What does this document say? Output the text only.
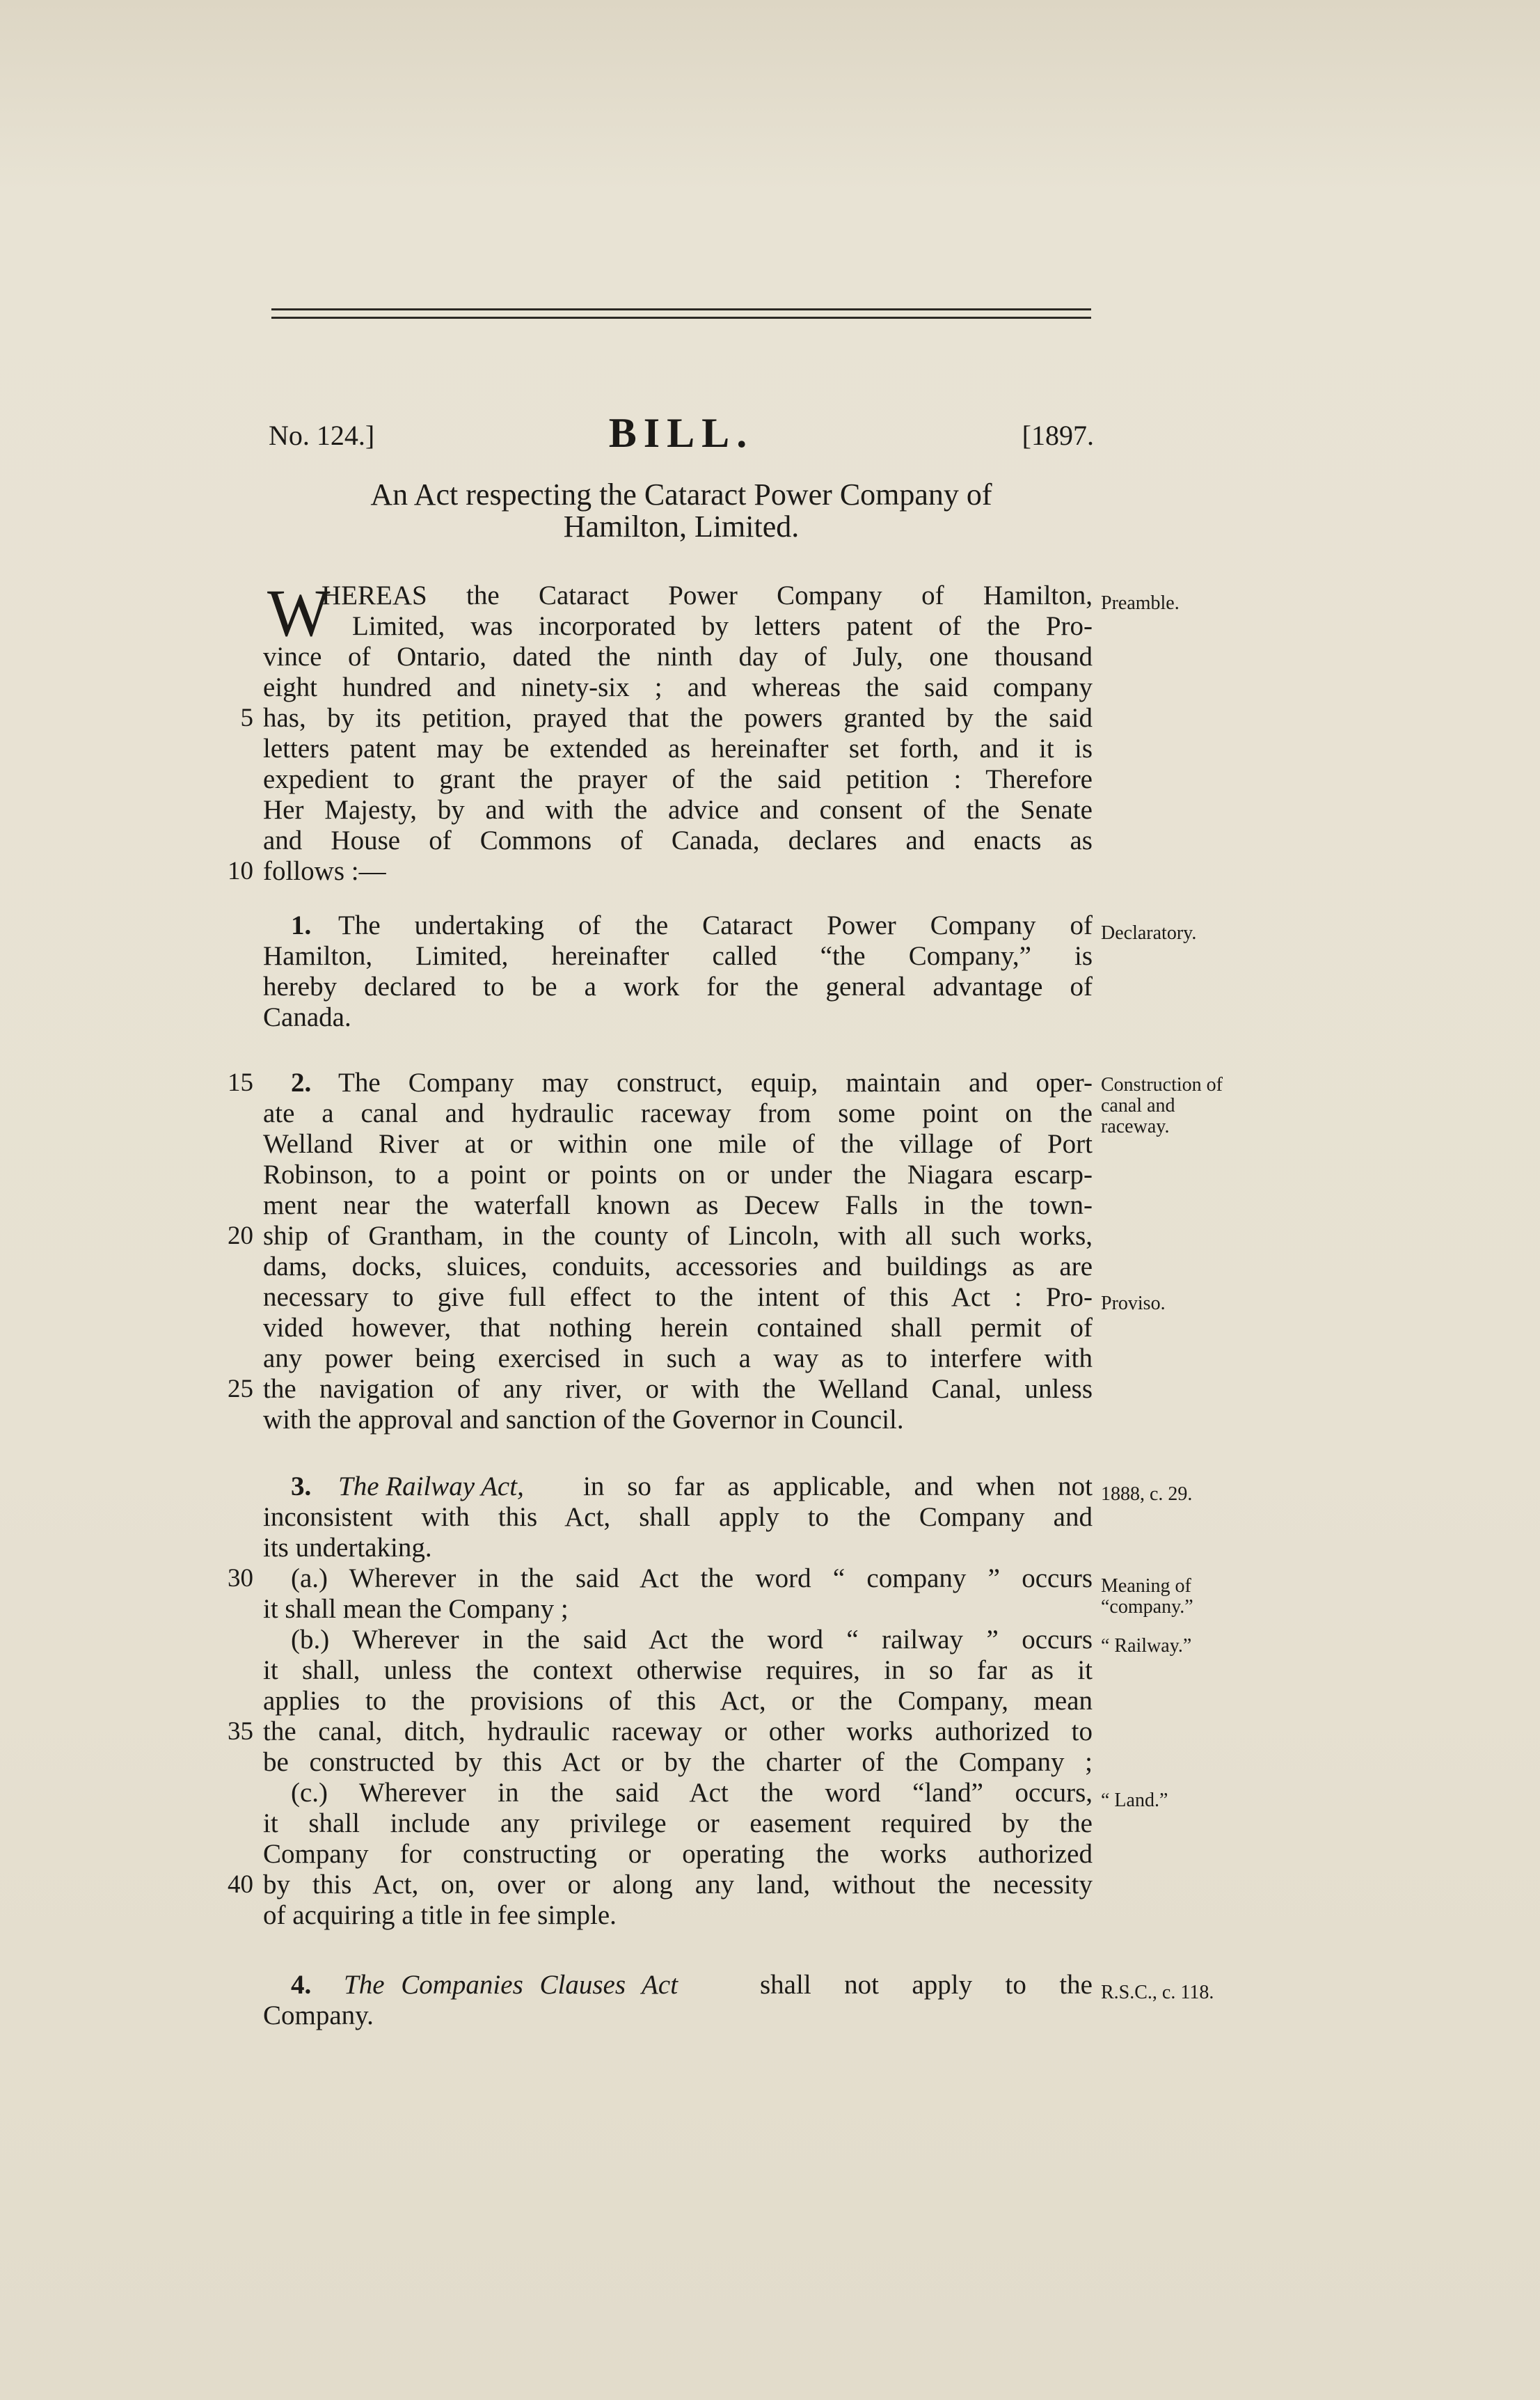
No. 124.]	BILL.	[1897.
An Act respecting the Cataract Power Company of
Hamilton, Limited.
W
HEREAS the Cataract Power Company of Hamilton,
Limited, was incorporated by letters patent of the Pro-
vince of Ontario, dated the ninth day of July, one thousand
eight hundred and ninety-six ; and whereas the said company
has, by its petition, prayed that the powers granted by the said
letters patent may be extended as hereinafter set forth, and it is
expedient to grant the prayer of the said petition : Therefore
Her Majesty, by and with the advice and consent of the Senate
and House of Commons of Canada, declares and enacts as
follows :—
1. The undertaking of the Cataract Power Company of
Hamilton, Limited, hereinafter called “the Company,” is
hereby declared to be a work for the general advantage of
Canada.
2. The Company may construct, equip, maintain and oper-
ate a canal and hydraulic raceway from some point on the
Welland River at or within one mile of the village of Port
Robinson, to a point or points on or under the Niagara escarp-
ment near the waterfall known as Decew Falls in the town-
ship of Grantham, in the county of Lincoln, with all such works,
dams, docks, sluices, conduits, accessories and buildings as are
necessary to give full effect to the intent of this Act : Pro-
vided however, that nothing herein contained shall permit of
any power being exercised in such a way as to interfere with
the navigation of any river, or with the Welland Canal, unless
with the approval and sanction of the Governor in Council.
3. The Railway Act,	in so far as applicable, and when not
inconsistent with this Act, shall apply to the Company and
its undertaking.
(a.) Wherever in the said Act the word “ company ” occurs
it shall mean the Company ;
(b.) Wherever in the said Act the word “ railway ” occurs
it shall, unless the context otherwise requires, in so far as it
applies to the provisions of this Act, or the Company, mean
the canal, ditch, hydraulic raceway or other works authorized to
be constructed by this Act or by the charter of the Company ;
(c.) Wherever in the said Act the word “land” occurs,
it shall include any privilege or easement required by the
Company for constructing or operating the works authorized
by this Act, on, over or along any land, without the necessity
of acquiring a title in fee simple.
4.	The Companies Clauses Act	shall not apply to the
Company.
5
10
15
20
25
30
35
40
Preamble.
Declaratory.
Construction of canal and raceway.
Proviso.
1888, c. 29.
Meaning of “company.”
“ Railway.”
“ Land.”
R.S.C., c. 118.
